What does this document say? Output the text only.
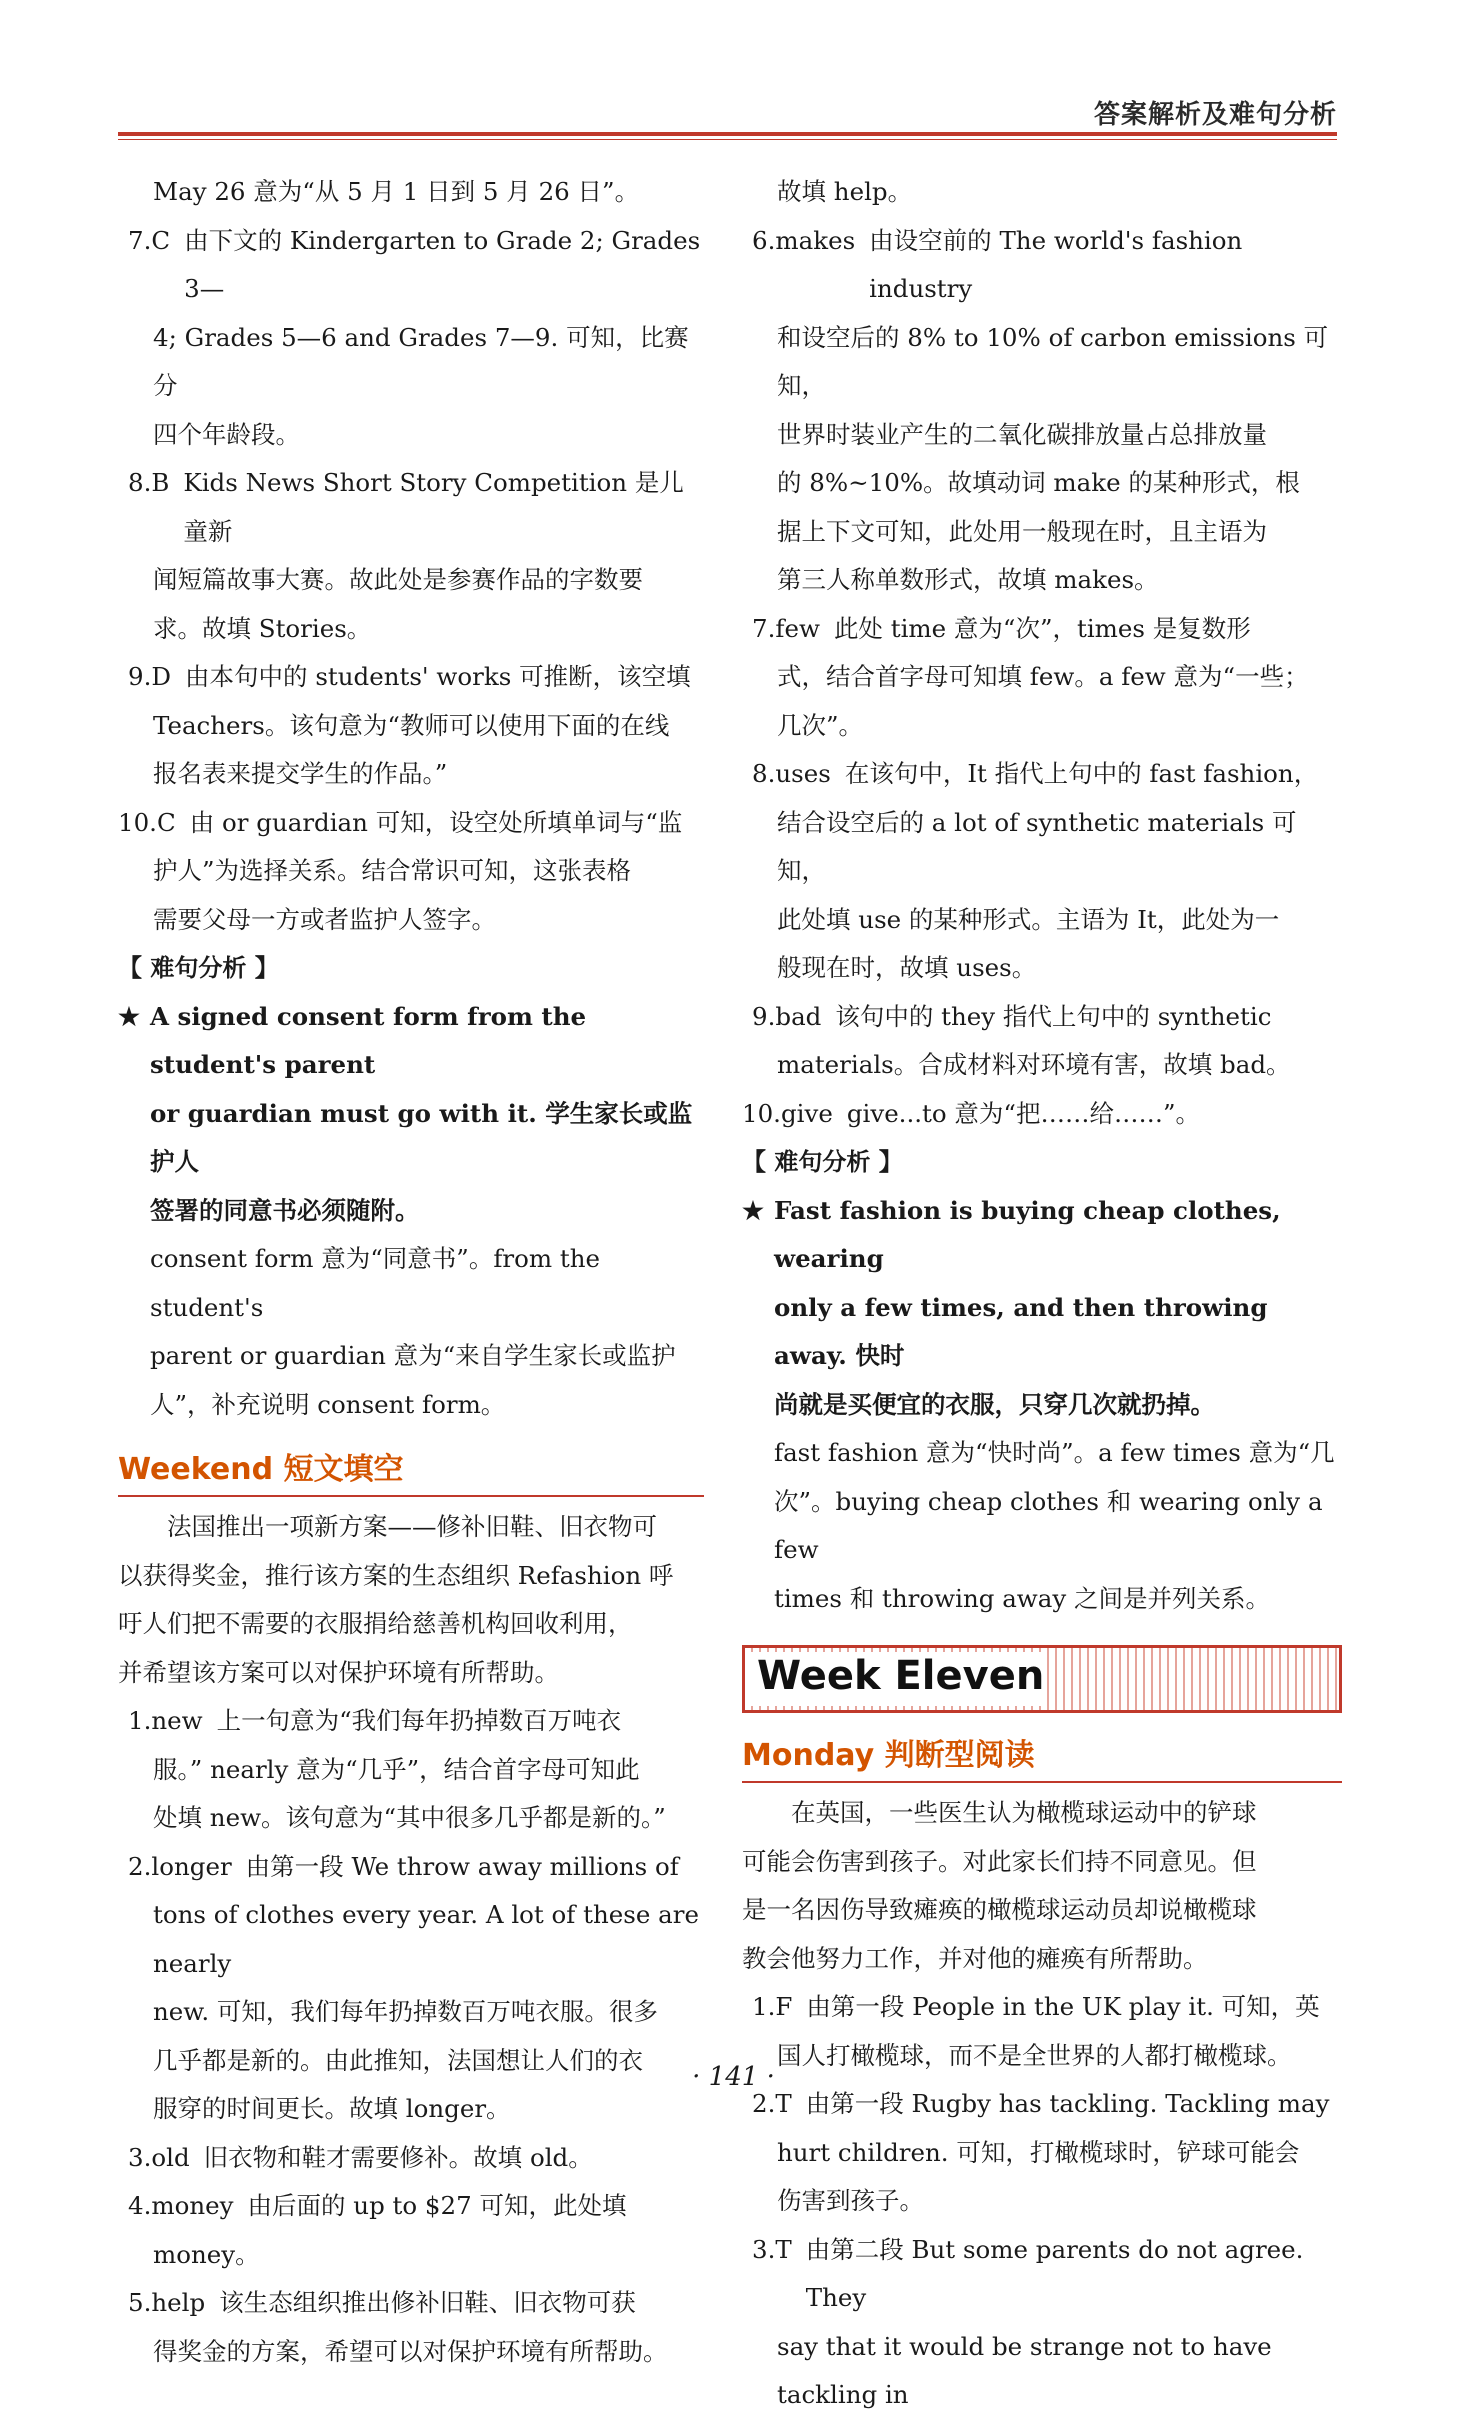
答案解析及难句分析

May 26 意为“从 5 月 1 日到 5 月 26 日”。

7. C 由下文的 Kindergarten to Grade 2; Grades 3—

4; Grades 5—6 and Grades 7—9. 可知，比赛分

四个年龄段。

8. B Kids News Short Story Competition 是儿童新

闻短篇故事大赛。故此处是参赛作品的字数要

求。故填 Stories。

9. D 由本句中的 students' works 可推断，该空填

Teachers。该句意为“教师可以使用下面的在线

报名表来提交学生的作品。”

10. C 由 or guardian 可知，设空处所填单词与“监

护人”为选择关系。结合常识可知，这张表格

需要父母一方或者监护人签字。

【 难句分析 】

★ A signed consent form from the student's parent
or guardian must go with it. 学生家长或监护人
签署的同意书必须随附。

consent form 意为“同意书”。from the student's

parent or guardian 意为“来自学生家长或监护

人”，补充说明 consent form。

Weekend 短文填空

法国推出一项新方案——修补旧鞋、旧衣物可

以获得奖金，推行该方案的生态组织 Refashion 呼

吁人们把不需要的衣服捐给慈善机构回收利用，

并希望该方案可以对保护环境有所帮助。

1. new 上一句意为“我们每年扔掉数百万吨衣

服。” nearly 意为“几乎”，结合首字母可知此

处填 new。该句意为“其中很多几乎都是新的。”

2. longer 由第一段 We throw away millions of

tons of clothes every year. A lot of these are nearly

new. 可知，我们每年扔掉数百万吨衣服。很多

几乎都是新的。由此推知，法国想让人们的衣

服穿的时间更长。故填 longer。

3. old 旧衣物和鞋才需要修补。故填 old。
4. money 由后面的 up to $27 可知，此处填

money。

5. help 该生态组织推出修补旧鞋、旧衣物可获

得奖金的方案，希望可以对保护环境有所帮助。

故填 help。

6. makes 由设空前的 The world's fashion industry

和设空后的 8% to 10% of carbon emissions 可知，

世界时装业产生的二氧化碳排放量占总排放量

的 8%~10%。故填动词 make 的某种形式，根

据上下文可知，此处用一般现在时，且主语为

第三人称单数形式，故填 makes。

7. few 此处 time 意为“次”，times 是复数形

式，结合首字母可知填 few。a few 意为“一些；

几次”。

8. uses 在该句中，It 指代上句中的 fast fashion，

结合设空后的 a lot of synthetic materials 可知，

此处填 use 的某种形式。主语为 It，此处为一

般现在时，故填 uses。

9. bad 该句中的 they 指代上句中的 synthetic

materials。合成材料对环境有害，故填 bad。

10. give give...to 意为“把……给……”。

【 难句分析 】

★ Fast fashion is buying cheap clothes, wearing
only a few times, and then throwing away. 快时
尚就是买便宜的衣服，只穿几次就扔掉。

fast fashion 意为“快时尚”。a few times 意为“几

次”。buying cheap clothes 和 wearing only a few

times 和 throwing away 之间是并列关系。

Week Eleven
Monday 判断型阅读

在英国，一些医生认为橄榄球运动中的铲球

可能会伤害到孩子。对此家长们持不同意见。但

是一名因伤导致瘫痪的橄榄球运动员却说橄榄球

教会他努力工作，并对他的瘫痪有所帮助。

1. F 由第一段 People in the UK play it. 可知，英

国人打橄榄球，而不是全世界的人都打橄榄球。

2. T 由第一段 Rugby has tackling. Tackling may

hurt children. 可知，打橄榄球时，铲球可能会

伤害到孩子。

3. T 由第二段 But some parents do not agree. They

say that it would be strange not to have tackling in

· 141 ·
